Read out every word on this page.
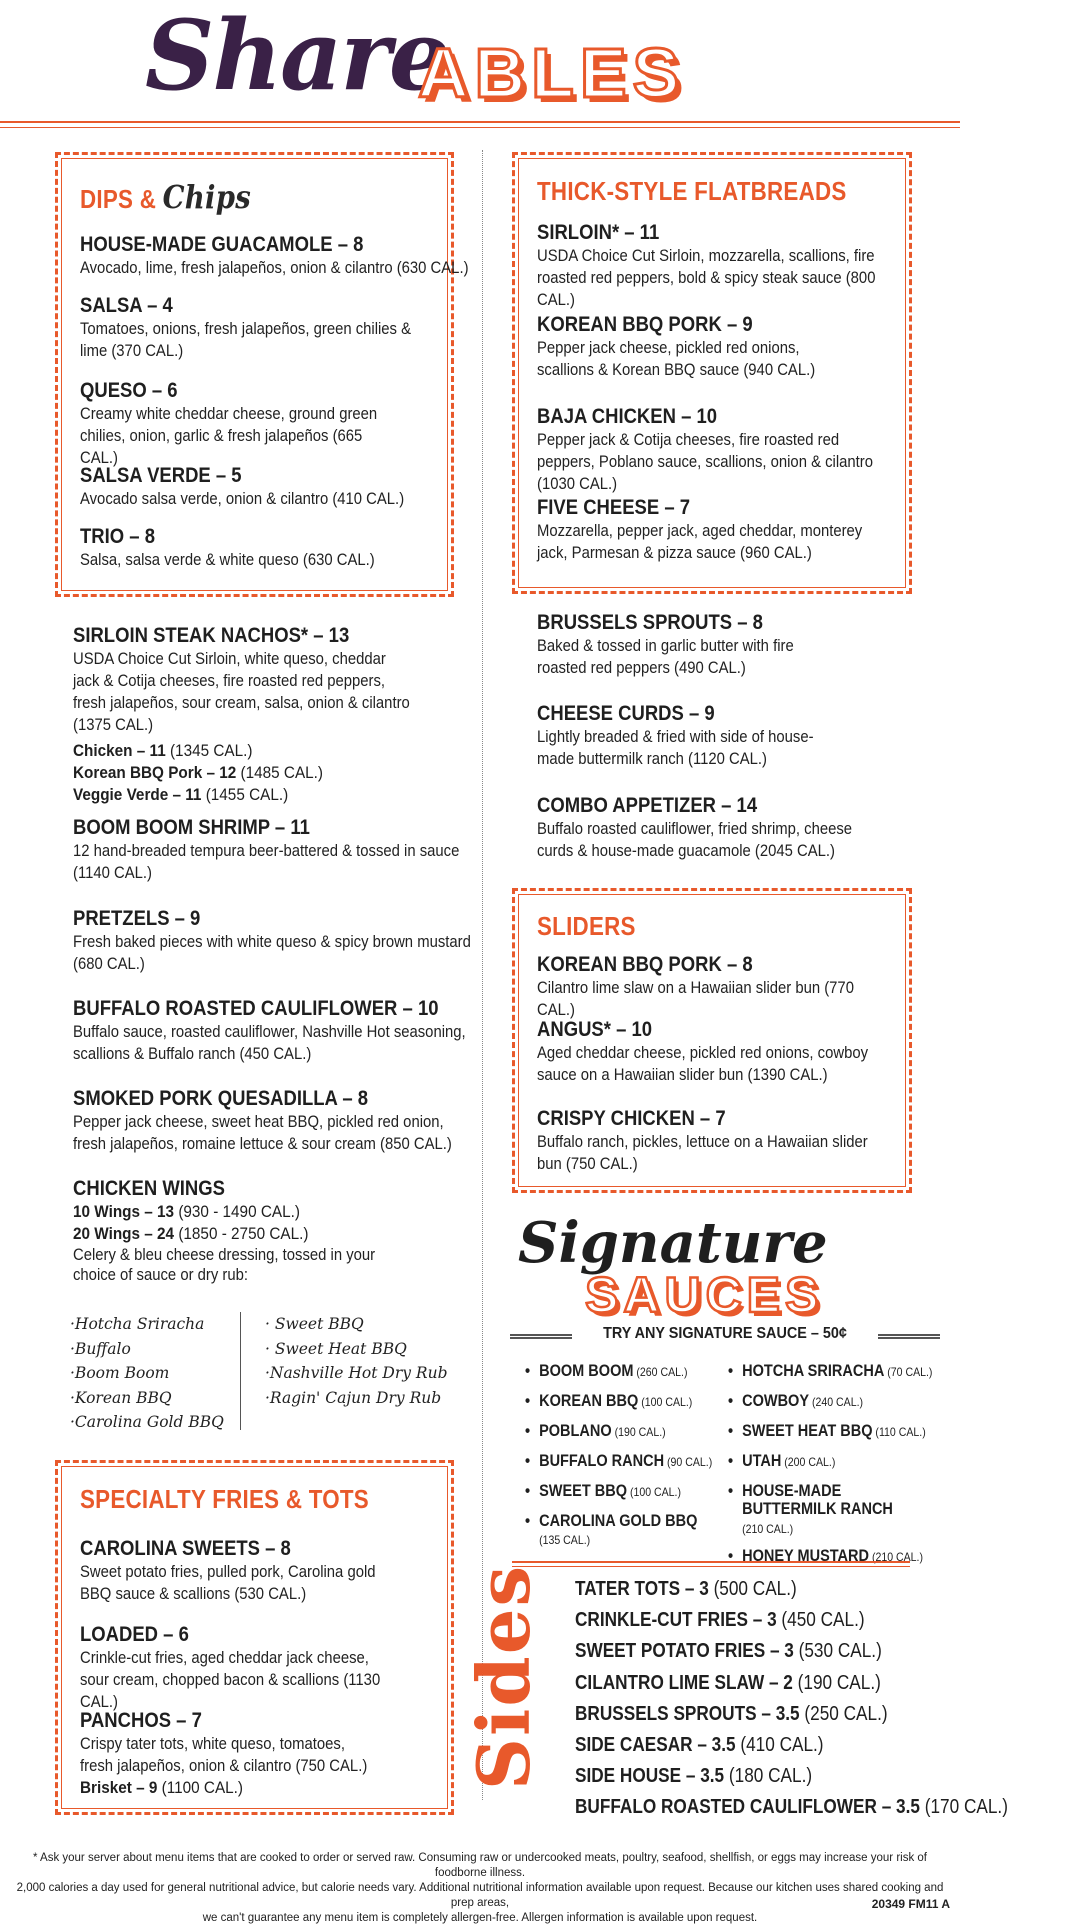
Share
ABLES
DIPS & Chips
HOUSE-MADE GUACAMOLE – 8
Avocado, lime, fresh jalapeños, onion & cilantro (630 CAL.)
SALSA – 4
Tomatoes, onions, fresh jalapeños, green chilies & lime (370 CAL.)
QUESO – 6
Creamy white cheddar cheese, ground green chilies, onion, garlic & fresh jalapeños (665 CAL.)
SALSA VERDE – 5
Avocado salsa verde, onion & cilantro (410 CAL.)
TRIO – 8
Salsa, salsa verde & white queso (630 CAL.)
SIRLOIN STEAK NACHOS* – 13
USDA Choice Cut Sirloin, white queso, cheddar jack & Cotija cheeses, fire roasted red peppers, fresh jalapeños, sour cream, salsa, onion & cilantro (1375 CAL.)
Chicken – 11 (1345 CAL.)
Korean BBQ Pork – 12 (1485 CAL.)
Veggie Verde – 11 (1455 CAL.)
BOOM BOOM SHRIMP – 11
12 hand-breaded tempura beer-battered & tossed in sauce (1140 CAL.)
PRETZELS – 9
Fresh baked pieces with white queso & spicy brown mustard (680 CAL.)
BUFFALO ROASTED CAULIFLOWER – 10
Buffalo sauce, roasted cauliflower, Nashville Hot seasoning, scallions & Buffalo ranch (450 CAL.)
SMOKED PORK QUESADILLA – 8
Pepper jack cheese, sweet heat BBQ, pickled red onion, fresh jalapeños, romaine lettuce & sour cream (850 CAL.)
CHICKEN WINGS
10 Wings – 13 (930 - 1490 CAL.)
20 Wings – 24 (1850 - 2750 CAL.)
Celery & bleu cheese dressing, tossed in your choice of sauce or dry rub:
·Hotcha Sriracha
·Buffalo
·Boom Boom
·Korean BBQ
·Carolina Gold BBQ
· Sweet BBQ
· Sweet Heat BBQ
·Nashville Hot Dry Rub
·Ragin' Cajun Dry Rub
SPECIALTY FRIES & TOTS
CAROLINA SWEETS – 8
Sweet potato fries, pulled pork, Carolina gold BBQ sauce & scallions (530 CAL.)
LOADED – 6
Crinkle-cut fries, aged cheddar jack cheese, sour cream, chopped bacon & scallions (1130 CAL.)
PANCHOS – 7
Crispy tater tots, white queso, tomatoes, fresh jalapeños, onion & cilantro (750 CAL.)
Brisket – 9 (1100 CAL.)
THICK-STYLE FLATBREADS
SIRLOIN* – 11
USDA Choice Cut Sirloin, mozzarella, scallions, fire roasted red peppers, bold & spicy steak sauce (800 CAL.)
KOREAN BBQ PORK – 9
Pepper jack cheese, pickled red onions, scallions & Korean BBQ sauce (940 CAL.)
BAJA CHICKEN – 10
Pepper jack & Cotija cheeses, fire roasted red peppers, Poblano sauce, scallions, onion & cilantro (1030 CAL.)
FIVE CHEESE – 7
Mozzarella, pepper jack, aged cheddar, monterey jack, Parmesan & pizza sauce (960 CAL.)
BRUSSELS SPROUTS – 8
Baked & tossed in garlic butter with fire roasted red peppers (490 CAL.)
CHEESE CURDS – 9
Lightly breaded & fried with side of house-made buttermilk ranch (1120 CAL.)
COMBO APPETIZER – 14
Buffalo roasted cauliflower, fried shrimp, cheese curds & house-made guacamole (2045 CAL.)
SLIDERS
KOREAN BBQ PORK – 8
Cilantro lime slaw on a Hawaiian slider bun (770 CAL.)
ANGUS* – 10
Aged cheddar cheese, pickled red onions, cowboy sauce on a Hawaiian slider bun (1390 CAL.)
CRISPY CHICKEN – 7
Buffalo ranch, pickles, lettuce on a Hawaiian slider bun (750 CAL.)
Signature
SAUCES
TRY ANY SIGNATURE SAUCE – 50¢
• BOOM BOOM (260 CAL.)
• KOREAN BBQ (100 CAL.)
• POBLANO (190 CAL.)
• BUFFALO RANCH (90 CAL.)
• SWEET BBQ (100 CAL.)
• CAROLINA GOLD BBQ
(135 CAL.)
• HOTCHA SRIRACHA (70 CAL.)
• COWBOY (240 CAL.)
• SWEET HEAT BBQ (110 CAL.)
• UTAH (200 CAL.)
• HOUSE-MADE BUTTERMILK RANCH (210 CAL.)
• HONEY MUSTARD (210 CAL.)
Sides TATER TOTS – 3 (500 CAL.)
CRINKLE-CUT FRIES – 3 (450 CAL.)
SWEET POTATO FRIES – 3 (530 CAL.)
CILANTRO LIME SLAW – 2 (190 CAL.)
BRUSSELS SPROUTS – 3.5 (250 CAL.)
SIDE CAESAR – 3.5 (410 CAL.)
SIDE HOUSE – 3.5 (180 CAL.)
BUFFALO ROASTED CAULIFLOWER – 3.5 (170 CAL.)
* Ask your server about menu items that are cooked to order or served raw. Consuming raw or undercooked meats, poultry, seafood, shellfish, or eggs may increase your risk of foodborne illness.
2,000 calories a day used for general nutritional advice, but calorie needs vary. Additional nutritional information available upon request. Because our kitchen uses shared cooking and prep areas,
we can't guarantee any menu item is completely allergen-free. Allergen information is available upon request.
20349 FM11 A
